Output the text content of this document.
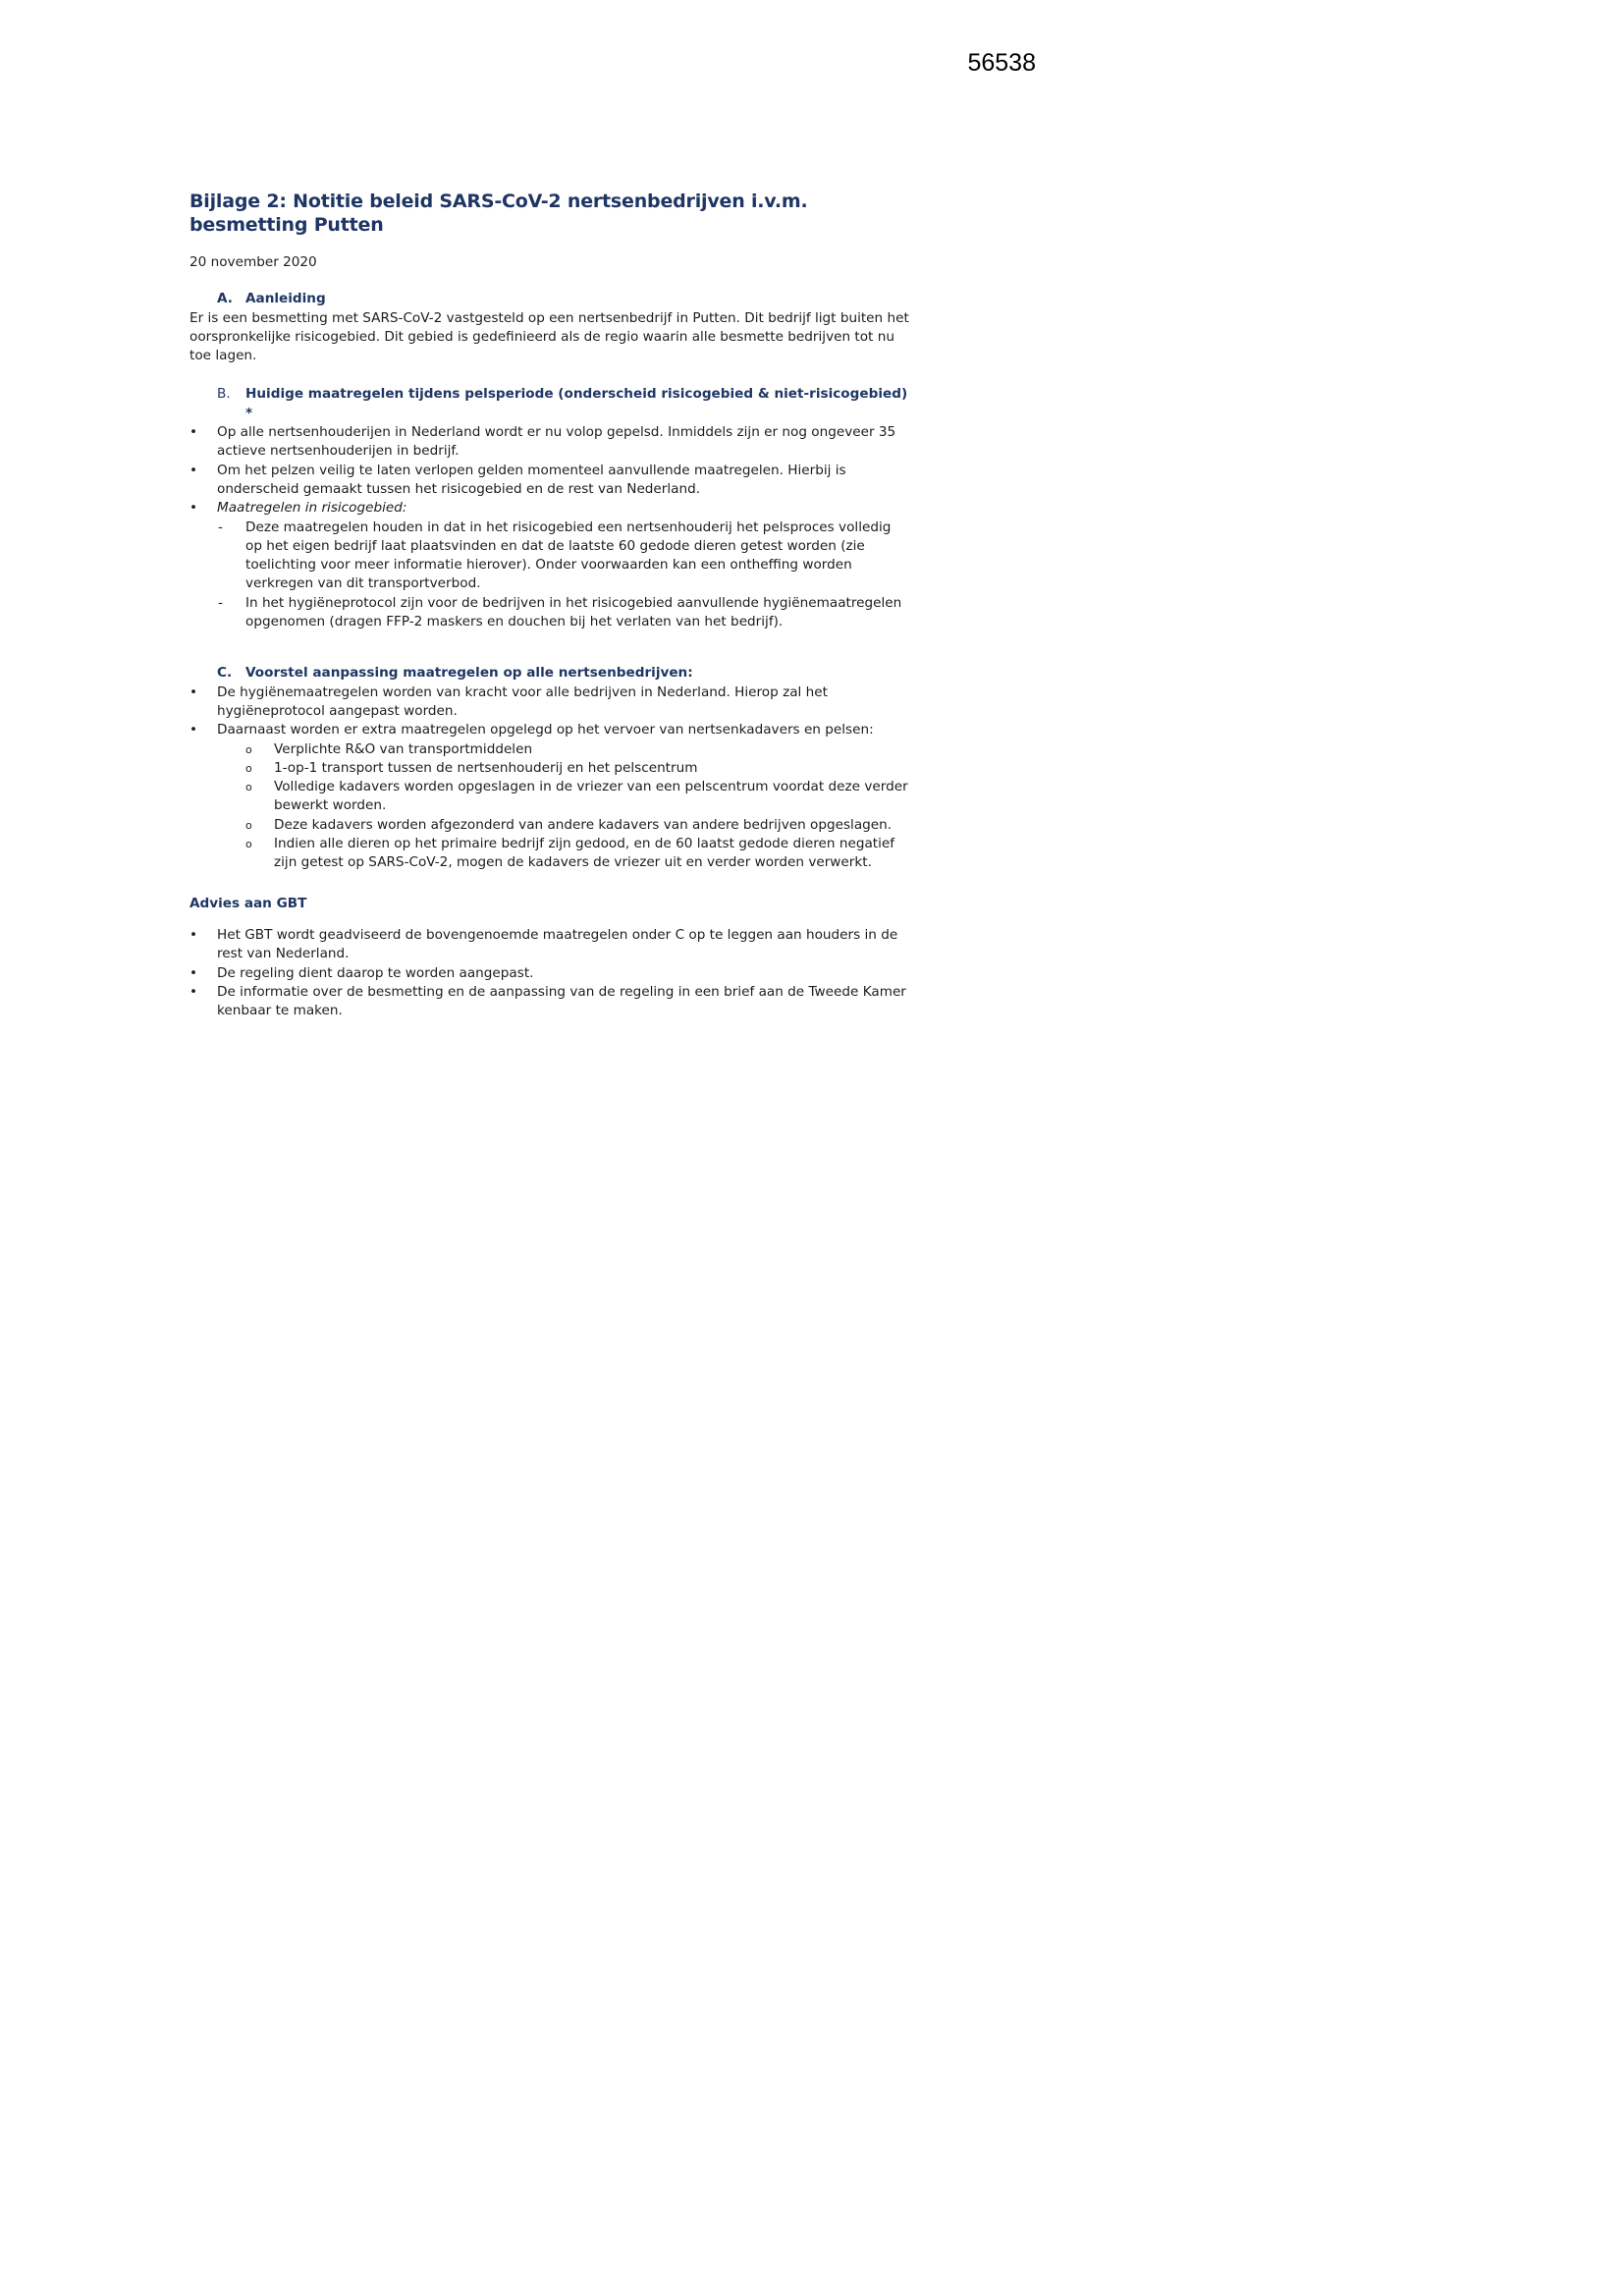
56538
Bijlage 2: Notitie beleid SARS-CoV-2 nertsenbedrijven i.v.m. besmetting Putten
20 november 2020
A. Aanleiding

Er is een besmetting met SARS-CoV-2 vastgesteld op een nertsenbedrijf in Putten. Dit bedrijf ligt buiten het oorspronkelijke risicogebied. Dit gebied is gedefinieerd als de regio waarin alle besmette bedrijven tot nu toe lagen.

B.	Huidige maatregelen tijdens pelsperiode (onderscheid risicogebied & niet-risicogebied) *
• Op alle nertsenhouderijen in Nederland wordt er nu volop gepelsd. Inmiddels zijn er nog ongeveer 35 actieve nertsenhouderijen in bedrijf.
• Om het pelzen veilig te laten verlopen gelden momenteel aanvullende maatregelen. Hierbij is onderscheid gemaakt tussen het risicogebied en de rest van Nederland.
• Maatregelen in risicogebied:
- Deze maatregelen houden in dat in het risicogebied een nertsenhouderij het pelsproces volledig op het eigen bedrijf laat plaatsvinden en dat de laatste 60 gedode dieren getest worden (zie toelichting voor meer informatie hierover). Onder voorwaarden kan een ontheffing worden verkregen van dit transportverbod.
- In het hygiëneprotocol zijn voor de bedrijven in het risicogebied aanvullende hygiënemaatregelen opgenomen (dragen FFP-2 maskers en douchen bij het verlaten van het bedrijf).
C.	Voorstel aanpassing maatregelen op alle nertsenbedrijven:
• De hygiënemaatregelen worden van kracht voor alle bedrijven in Nederland. Hierop zal het hygiëneprotocol aangepast worden.
• Daarnaast worden er extra maatregelen opgelegd op het vervoer van nertsenkadavers en pelsen:
o Verplichte R&O van transportmiddelen
o 1-op-1 transport tussen de nertsenhouderij en het pelscentrum
o Volledige kadavers worden opgeslagen in de vriezer van een pelscentrum voordat deze verder bewerkt worden.
o Deze kadavers worden afgezonderd van andere kadavers van andere bedrijven opgeslagen.
o Indien alle dieren op het primaire bedrijf zijn gedood, en de 60 laatst gedode dieren negatief zijn getest op SARS-CoV-2, mogen de kadavers de vriezer uit en verder worden verwerkt.
Advies aan GBT
• Het GBT wordt geadviseerd de bovengenoemde maatregelen onder C op te leggen aan houders in de rest van Nederland.
• De regeling dient daarop te worden aangepast.
• De informatie over de besmetting en de aanpassing van de regeling in een brief aan de Tweede Kamer kenbaar te maken.
